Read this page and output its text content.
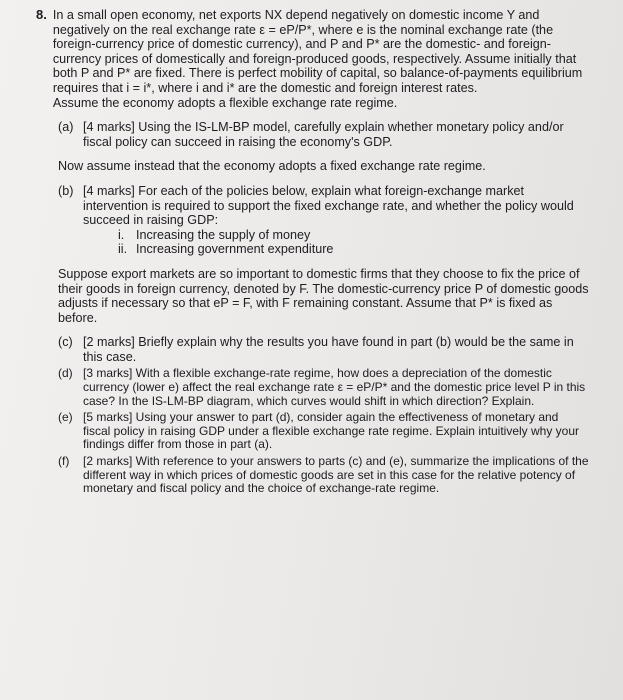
8. In a small open economy, net exports NX depend negatively on domestic income Y and negatively on the real exchange rate ε = eP/P*, where e is the nominal exchange rate (the foreign-currency price of domestic currency), and P and P* are the domestic- and foreign-currency prices of domestically and foreign-produced goods, respectively. Assume initially that both P and P* are fixed. There is perfect mobility of capital, so balance-of-payments equilibrium requires that i = i*, where i and i* are the domestic and foreign interest rates.

Assume the economy adopts a flexible exchange rate regime.

(a) [4 marks] Using the IS-LM-BP model, carefully explain whether monetary policy and/or fiscal policy can succeed in raising the economy's GDP.

Now assume instead that the economy adopts a fixed exchange rate regime.

(b) [4 marks] For each of the policies below, explain what foreign-exchange market intervention is required to support the fixed exchange rate, and whether the policy would succeed in raising GDP:
i. Increasing the supply of money
ii. Increasing government expenditure

Suppose export markets are so important to domestic firms that they choose to fix the price of their goods in foreign currency, denoted by F. The domestic-currency price P of domestic goods adjusts if necessary so that eP = F, with F remaining constant. Assume that P* is fixed as before.

(c) [2 marks] Briefly explain why the results you have found in part (b) would be the same in this case.
(d) [3 marks] With a flexible exchange-rate regime, how does a depreciation of the domestic currency (lower e) affect the real exchange rate ε = eP/P* and the domestic price level P in this case? In the IS-LM-BP diagram, which curves would shift in which direction? Explain.
(e) [5 marks] Using your answer to part (d), consider again the effectiveness of monetary and fiscal policy in raising GDP under a flexible exchange rate regime. Explain intuitively why your findings differ from those in part (a).
(f)	[2 marks] With reference to your answers to parts (c) and (e), summarize the implications of the different way in which prices of domestic goods are set in this case for the relative potency of monetary and fiscal policy and the choice of exchange-rate regime.
